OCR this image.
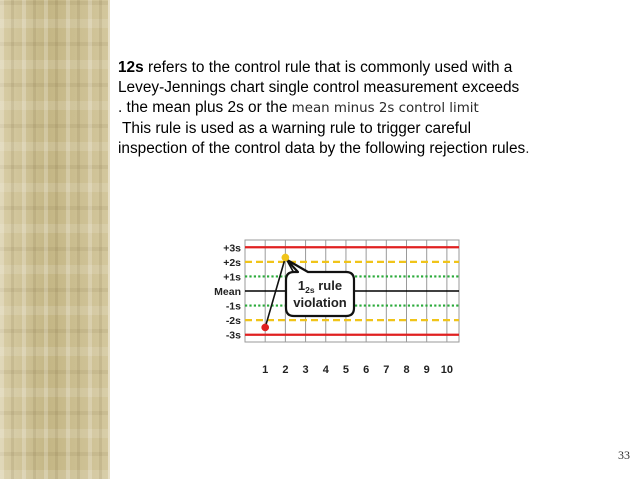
12s refers to the control rule that is commonly used with a

Levey-Jennings chart single control measurement exceeds

. the mean plus 2s or the mean minus 2s control limit

This rule is used as a warning rule to trigger careful

inspection of the control data by the following rejection rules.

+3s
+2s
+1s
Mean
-1s
-2s
-3s
1 2 3 4 5 6 7 8 9 10
$1_{2s}$ rule
violation
33
